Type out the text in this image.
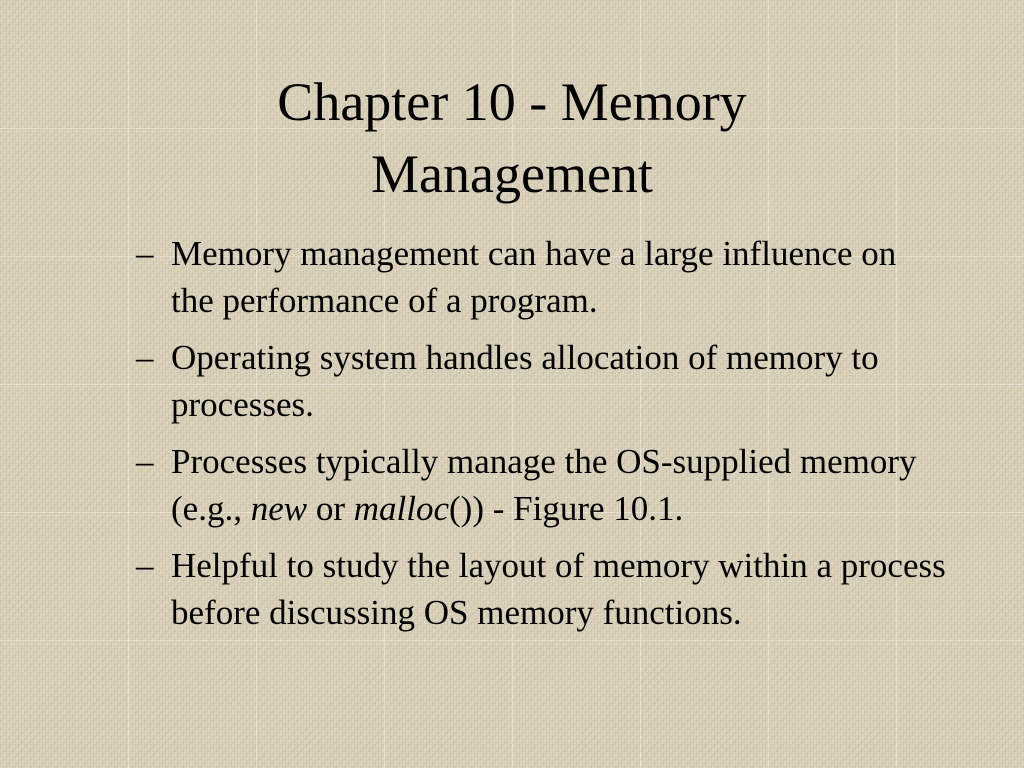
Chapter 10 - Memory
Management
– Memory management can have a large influence on the performance of a program.
– Operating system handles allocation of memory to processes.
– Processes typically manage the OS-supplied memory (e.g., new or malloc()) - Figure 10.1.
– Helpful to study the layout of memory within a process before discussing OS memory functions.
